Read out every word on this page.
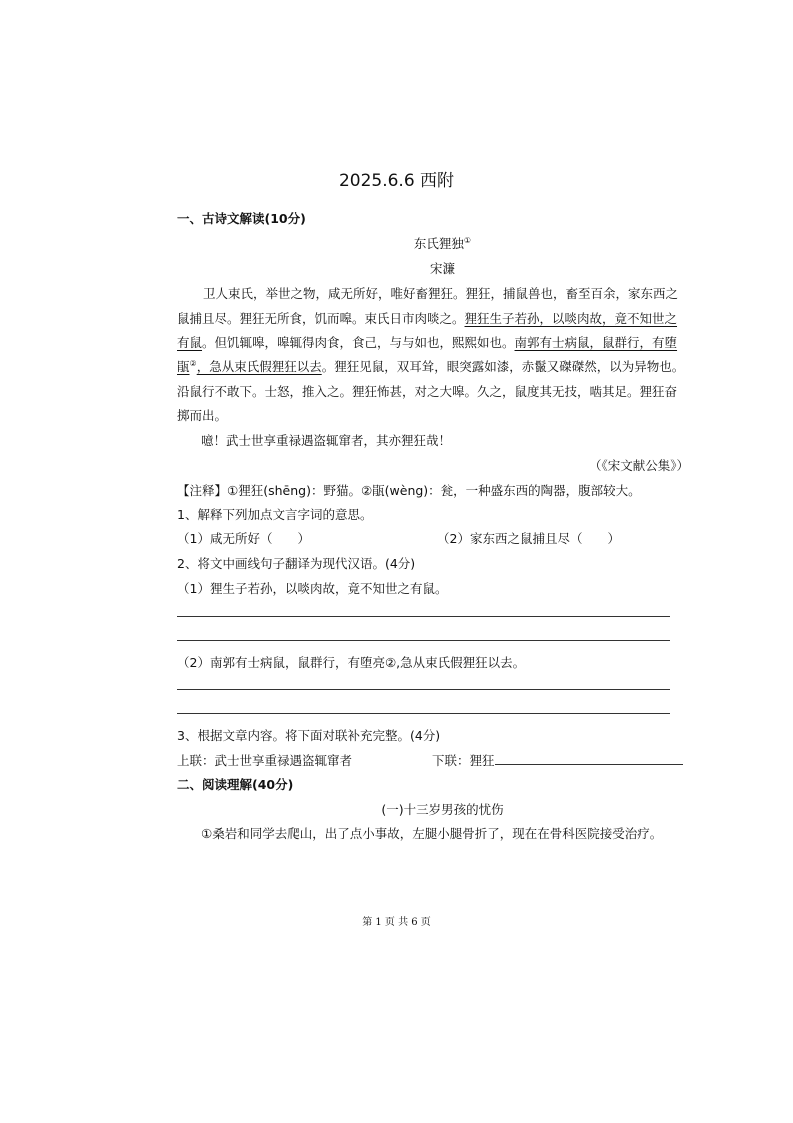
2025.6.6 西附
一、古诗文解读(10分)
东氏狸独①
宋濂
卫人束氏，举世之物，咸无所好，唯好畜狸狂。狸狂，捕鼠兽也，畜至百余，家东西之
鼠捕且尽。狸狂无所食，饥而嗥。束氏日市肉啖之。狸狂生子若孙，以啖肉故，竟不知世之
有鼠。但饥辄嗥，嗥辄得肉食，食己，与与如也，熙熙如也。南郭有士病鼠，鼠群行，有堕
瓹②，急从束氏假狸狂以去。狸狂见鼠，双耳耸，眼突露如漆，赤鬣又磔磔然，以为异物也。
沿鼠行不敢下。士怒，推入之。狸狂怖甚，对之大嗥。久之，鼠度其无技，啮其足。狸狂奋
掷而出。
噫！武士世享重禄遇盗辄窜者，其亦狸狂哉！
（《宋文献公集》）
【注释】①狸狂(shēng)：野猫。②瓹(wèng)：瓮，一种盛东西的陶器，腹部较大。
1、解释下列加点文言字词的意思。
（1）咸无所好（　　）	（2）家东西之鼠捕且尽（　　）
2、将文中画线句子翻译为现代汉语。(4分)
（1）狸生子若孙，以啖肉故，竟不知世之有鼠。
（2）南郭有士病鼠，鼠群行，有堕亮②,急从束氏假狸狂以去。
3、根据文章内容。将下面对联补充完整。(4分)
上联：武士世享重禄遇盗辄窜者	下联：狸狂
二、阅读理解(40分)
(一)十三岁男孩的忧伤
①桑岩和同学去爬山，出了点小事故，左腿小腿骨折了，现在在骨科医院接受治疗。
第 1 页 共 6 页
